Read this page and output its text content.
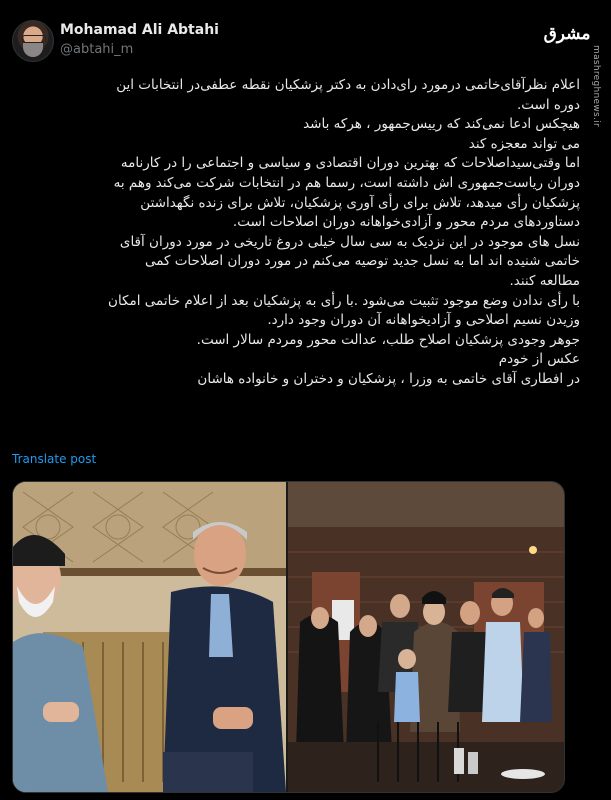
Mohamad Ali Abtahi
@abtahi_m
مشرق
mashreghnews.ir

اعلام نظرآقای‌خاتمی درمورد رای‌دادن به دکتر پزشکیان نقطه عطفی‌در انتخابات این

دوره است.

هیچکس ادعا نمی‌کند که رییس‌جمهور ، هرکه باشد

می تواند معجزه کند

اما وقتی‌سیداصلاحات که بهترین دوران اقتصادی و سیاسی و اجتماعی را در کارنامه

دوران ریاست‌جمهوری اش داشته است، رسما هم در انتخابات شرکت می‌کند وهم به

پزشکیان رأی میدهد، تلاش برای رأی آوری پزشکیان، تلاش برای زنده نگهداشتن

دستاوردهای مردم محور و آزادی‌خواهانه دوران اصلاحات است.

نسل های موجود در این نزدیک به سی سال خیلی دروغ تاریخی در مورد دوران آقای

خاتمی شنیده اند اما به نسل جدید توصیه می‌کنم در مورد دوران اصلاحات کمی

مطالعه کنند.

با رأی ندادن وضع موجود تثبیت می‌شود .با رأی به پزشکیان بعد از اعلام خاتمی امکان

وزیدن نسیم اصلاحی و آزادیخواهانه آن دوران وجود دارد.

جوهر وجودی پزشکیان اصلاح طلب، عدالت محور ومردم سالار است.

عکس از خودم

در افطاری آقای خاتمی به وزرا ، پزشکیان و دختران و خانواده هاشان

Translate post
